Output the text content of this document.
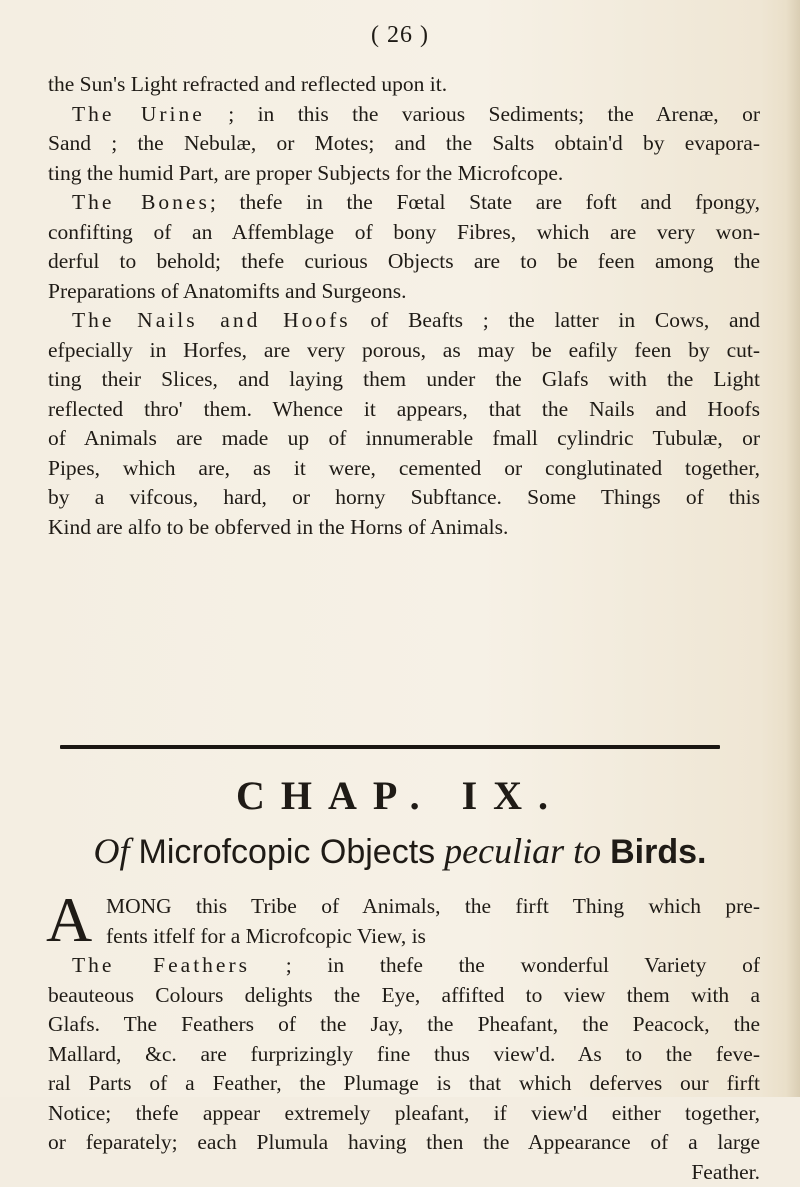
( 26 )
the Sun's Light refracted and reflected upon it.
The Urine ; in this the various Sediments; the Arenæ, or
Sand ; the Nebulæ, or Motes; and the Salts obtain'd by evapora-
ting the humid Part, are proper Subjects for the Microfcope.
The Bones; thefe in the Fœtal State are foft and fpongy,
confifting of an Affemblage of bony Fibres, which are very won-
derful to behold; thefe curious Objects are to be feen among the
Preparations of Anatomifts and Surgeons.
The Nails and Hoofs of Beafts ; the latter in Cows, and
efpecially in Horfes, are very porous, as may be eafily feen by cut-
ting their Slices, and laying them under the Glafs with the Light
reflected thro' them. Whence it appears, that the Nails and Hoofs
of Animals are made up of innumerable fmall cylindric Tubulæ, or
Pipes, which are, as it were, cemented or conglutinated together,
by a vifcous, hard, or horny Subftance. Some Things of this
Kind are alfo to be obferved in the Horns of Animals.
CHAP. IX.
Of Microfcopic Objects peculiar to Birds.
A MONG this Tribe of Animals, the firft Thing which pre-
fents itfelf for a Microfcopic View, is
The Feathers ; in thefe the wonderful Variety of
beauteous Colours delights the Eye, affifted to view them with a
Glafs. The Feathers of the Jay, the Pheafant, the Peacock, the
Mallard, &c. are furprizingly fine thus view'd. As to the feve-
ral Parts of a Feather, the Plumage is that which deferves our firft
Notice; thefe appear extremely pleafant, if view'd either together,
or feparately; each Plumula having then the Appearance of a large
Feather.
